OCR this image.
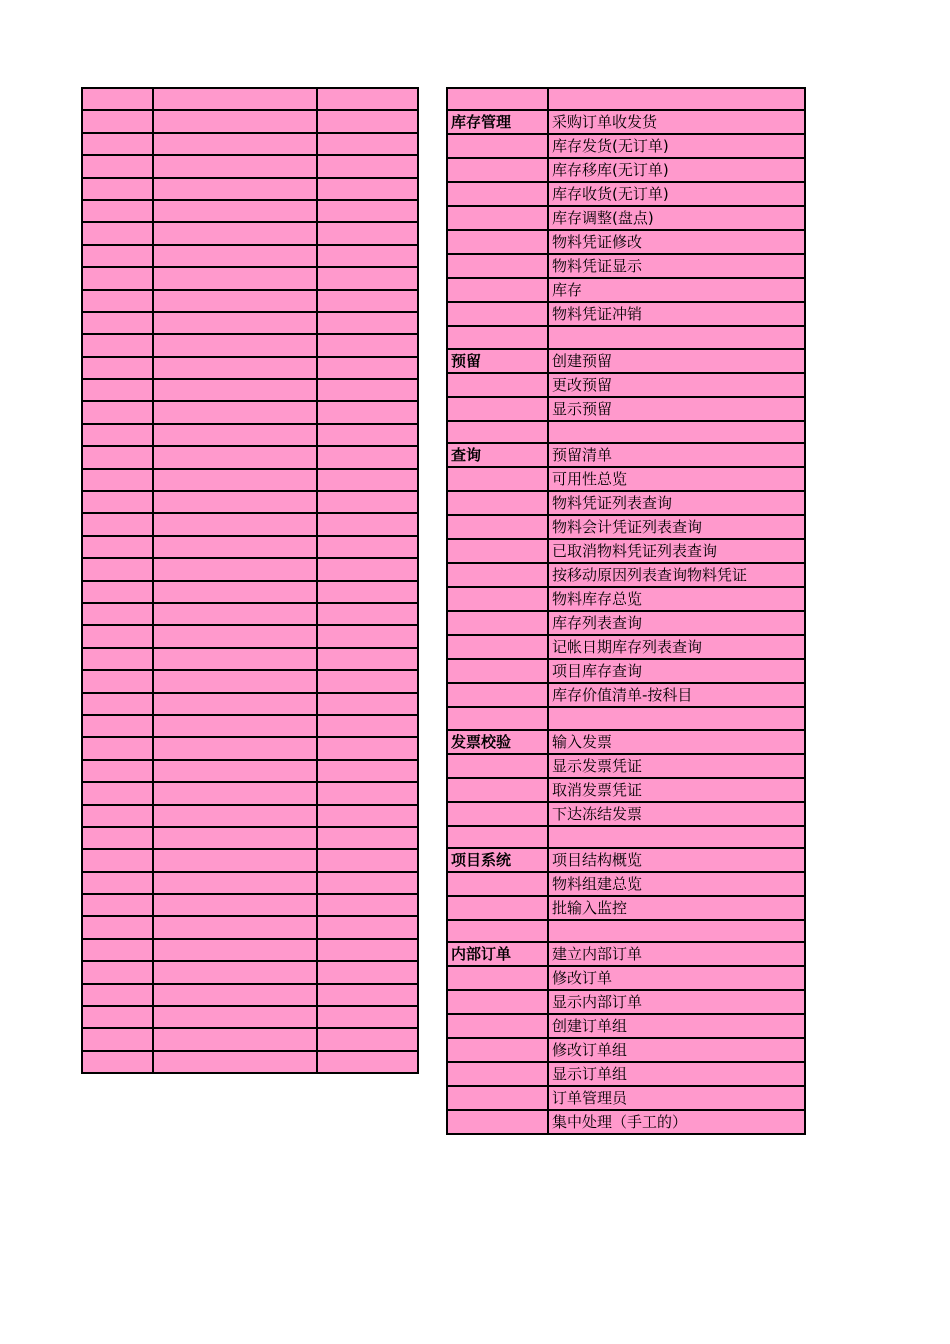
库存管理	采购订单收发货
	库存发货(无订单)
	库存移库(无订单)
	库存收货(无订单)
	库存调整(盘点)
	物料凭证修改
	物料凭证显示
	库存
	物料凭证冲销

预留	创建预留
	更改预留
	显示预留

查询	预留清单
	可用性总览
	物料凭证列表查询
	物料会计凭证列表查询
	已取消物料凭证列表查询
	按移动原因列表查询物料凭证
	物料库存总览
	库存列表查询
	记帐日期库存列表查询
	项目库存查询
	库存价值清单-按科目

发票校验	输入发票
	显示发票凭证
	取消发票凭证
	下达冻结发票

项目系统	项目结构概览
	物料组建总览
	批输入监控

内部订单	建立内部订单
	修改订单
	显示内部订单
	创建订单组
	修改订单组
	显示订单组
	订单管理员
	集中处理（手工的）
